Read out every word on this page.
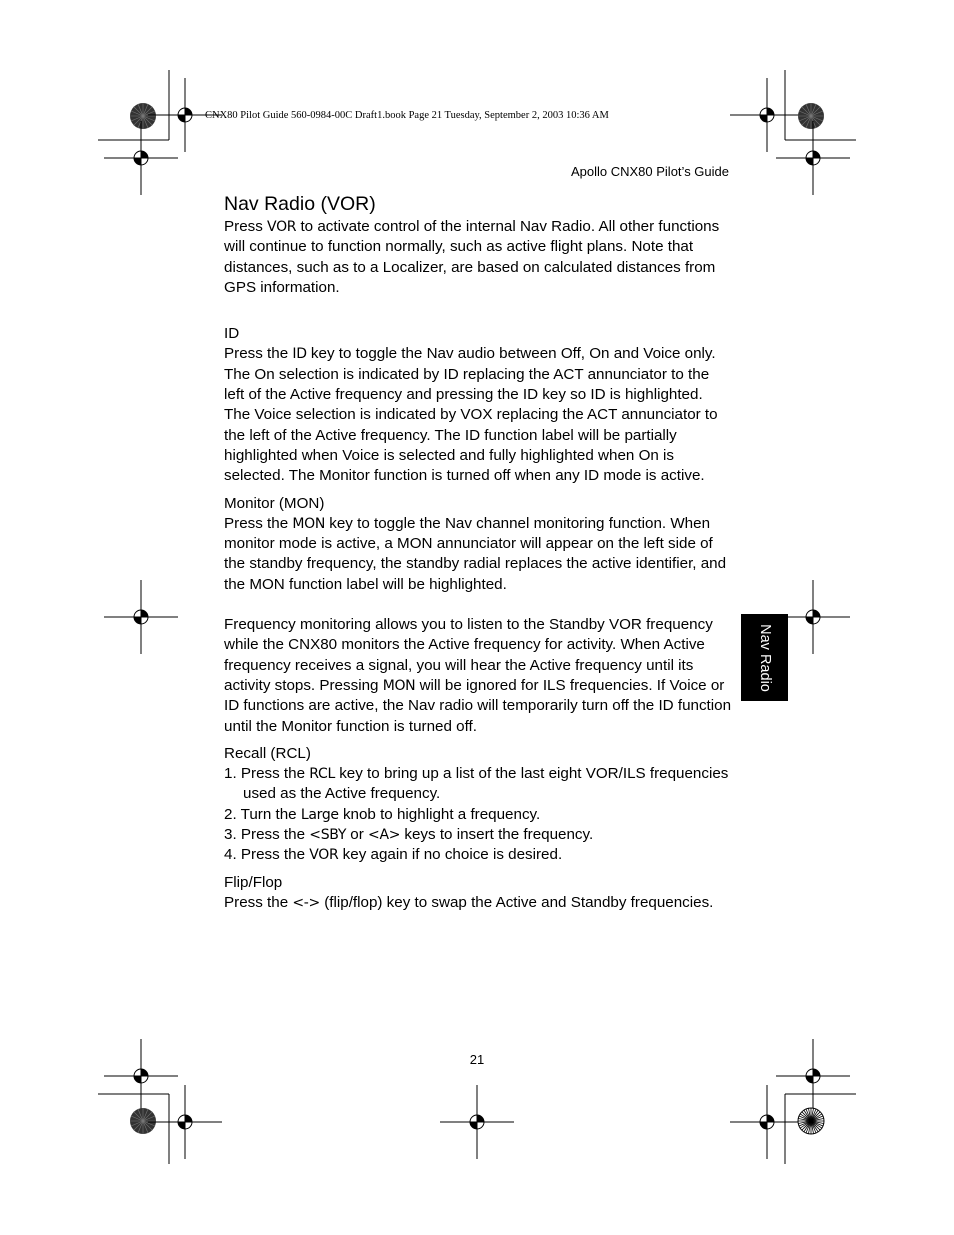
CNX80 Pilot Guide 560-0984-00C Draft1.book Page 21 Tuesday, September 2, 2003 10:36 AM
Apollo CNX80 Pilot’s Guide
Nav Radio
Nav Radio (VOR)

Press VOR to activate control of the internal Nav Radio. All other functions will continue to function normally, such as active flight plans. Note that distances, such as to a Localizer, are based on calculated distances from GPS information.

ID

Press the ID key to toggle the Nav audio between Off, On and Voice only. The On selection is indicated by ID replacing the ACT annunciator to the left of the Active frequency and pressing the ID key so ID is highlighted. The Voice selection is indicated by VOX replacing the ACT annunciator to the left of the Active frequency. The ID function label will be partially highlighted when Voice is selected and fully highlighted when On is selected. The Monitor function is turned off when any ID mode is active.

Monitor (MON)

Press the MON key to toggle the Nav channel monitoring function. When monitor mode is active, a MON annunciator will appear on the left side of the standby frequency, the standby radial replaces the active identifier, and the MON function label will be highlighted.

Frequency monitoring allows you to listen to the Standby VOR frequency while the CNX80 monitors the Active frequency for activity. When Active frequency receives a signal, you will hear the Active frequency until its activity stops. Pressing MON will be ignored for ILS frequencies. If Voice or ID functions are active, the Nav radio will temporarily turn off the ID function until the Monitor function is turned off.

Recall (RCL)
1. Press the RCL key to bring up a list of the last eight VOR/ILS frequencies used as the Active frequency.
2. Turn the Large knob to highlight a frequency.
3. Press the <SBY or <A> keys to insert the frequency.
4. Press the VOR key again if no choice is desired.
Flip/Flop

Press the <-> (flip/flop) key to swap the Active and Standby frequencies.

21
